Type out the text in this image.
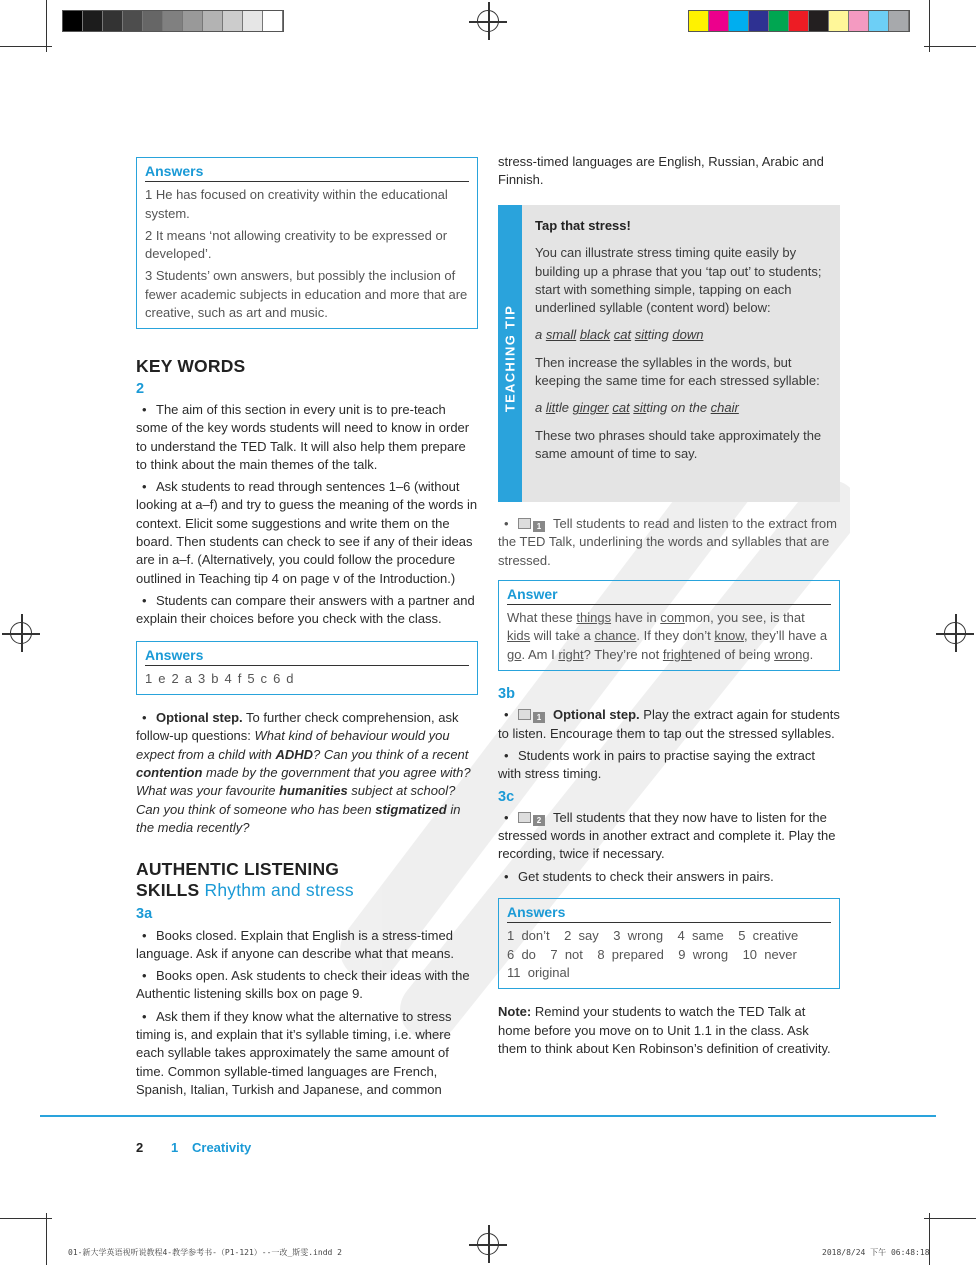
Answers

1 He has focused on creativity within the educational system.

2 It means ‘not allowing creativity to be expressed or developed’.

3 Students’ own answers, but possibly the inclusion of fewer academic subjects in education and more that are creative, such as art and music.

KEY WORDS
2

• The aim of this section in every unit is to pre-teach some of the key words students will need to know in order to understand the TED Talk. It will also help them prepare to think about the main themes of the talk.

• Ask students to read through sentences 1–6 (without looking at a–f) and try to guess the meaning of the words in context. Elicit some suggestions and write them on the board. Then students can check to see if any of their ideas are in a–f. (Alternatively, you could follow the procedure outlined in Teaching tip 4 on page v of the Introduction.)

• Students can compare their answers with a partner and explain their choices before you check with the class.

Answers
1 e 2 a 3 b 4 f 5 c 6 d

• Optional step. To further check comprehension, ask follow-up questions: What kind of behaviour would you expect from a child with ADHD? Can you think of a recent contention made by the government that you agree with? What was your favourite humanities subject at school? Can you think of someone who has been stigmatized in the media recently?

AUTHENTIC LISTENING
SKILLS Rhythm and stress
3a

• Books closed. Explain that English is a stress-timed language. Ask if anyone can describe what that means.

• Books open. Ask students to check their ideas with the Authentic listening skills box on page 9.

• Ask them if they know what the alternative to stress timing is, and explain that it’s syllable timing, i.e. where each syllable takes approximately the same amount of time. Common syllable-timed languages are French, Spanish, Italian, Turkish and Japanese, and common

stress-timed languages are English, Russian, Arabic and Finnish.

TEACHING TIP

Tap that stress!

You can illustrate stress timing quite easily by building up a phrase that you ‘tap out’ to students; start with something simple, tapping on each underlined syllable (content word) below:

a small black cat sitting down

Then increase the syllables in the words, but keeping the same time for each stressed syllable:

a little ginger cat sitting on the chair

These two phrases should take approximately the same amount of time to say.

• 1 Tell students to read and listen to the extract from the TED Talk, underlining the words and syllables that are stressed.

Answer
What these things have in common, you see, is that kids will take a chance. If they don’t know, they’ll have a go. Am I right? They’re not frightened of being wrong.
3b

• 1 Optional step. Play the extract again for students to listen. Encourage them to tap out the stressed syllables.

• Students work in pairs to practise saying the extract with stress timing.

3c

• 2 Tell students that they now have to listen for the stressed words in another extract and complete it. Play the recording, twice if necessary.

• Get students to check their answers in pairs.

Answers
1  don’t    2  say    3  wrong    4  same    5  creative
6  do    7  not    8  prepared    9  wrong    10  never
11  original

Note: Remind your students to watch the TED Talk at home before you move on to Unit 1.1 in the class. Ask them to think about Ken Robinson’s definition of creativity.

2 1 Creativity
01-新大学英语视听说教程4-教学参考书-（P1-121）--一改_斯雯.indd 2	2018/8/24 下午 06:48:18
